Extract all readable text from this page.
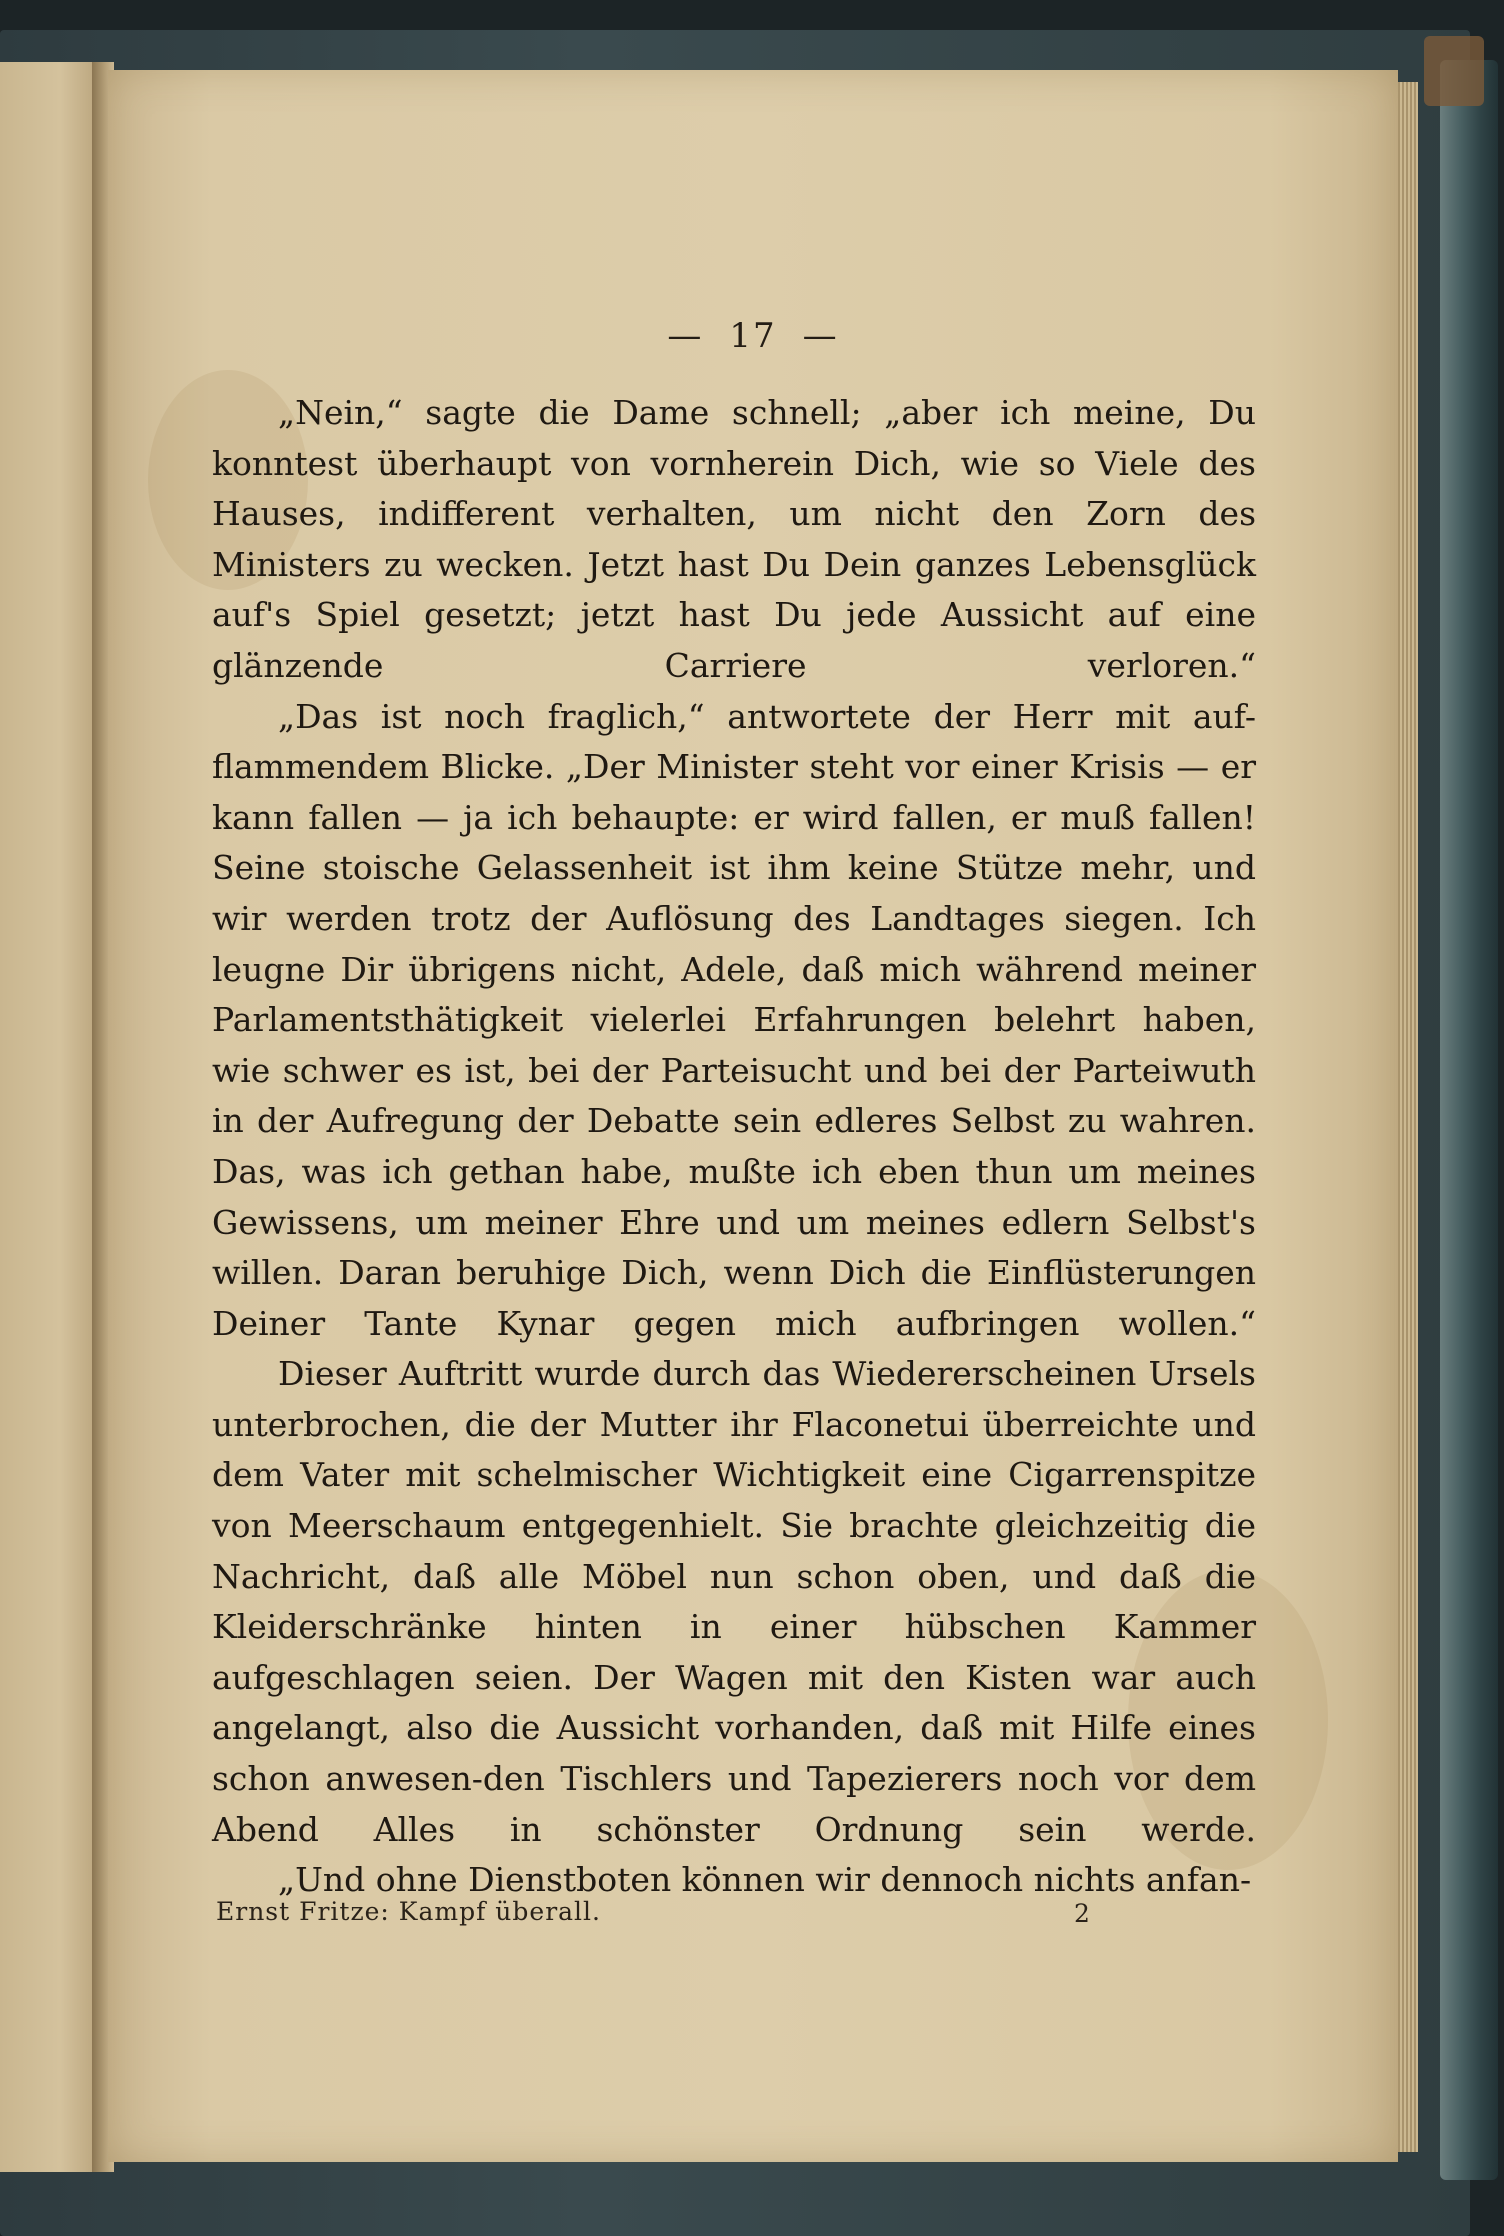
— 17 —

„Nein,“ sagte die Dame schnell; „aber ich meine, Du konntest überhaupt von vornherein Dich, wie so Viele des Hauses, indifferent verhalten, um nicht den Zorn des Ministers zu wecken. Jetzt hast Du Dein ganzes Lebensglück auf's Spiel gesetzt; jetzt hast Du jede Aussicht auf eine glänzende Carriere verloren.“

„Das ist noch fraglich,“ antwortete der Herr mit auf-flammendem Blicke. „Der Minister steht vor einer Krisis — er kann fallen — ja ich behaupte: er wird fallen, er muß fallen! Seine stoische Gelassenheit ist ihm keine Stütze mehr, und wir werden trotz der Auflösung des Landtages siegen. Ich leugne Dir übrigens nicht, Adele, daß mich während meiner Parlamentsthätigkeit vielerlei Erfahrungen belehrt haben, wie schwer es ist, bei der Parteisucht und bei der Parteiwuth in der Aufregung der Debatte sein edleres Selbst zu wahren. Das, was ich gethan habe, mußte ich eben thun um meines Gewissens, um meiner Ehre und um meines edlern Selbst's willen. Daran beruhige Dich, wenn Dich die Einflüsterungen Deiner Tante Kynar gegen mich aufbringen wollen.“

Dieser Auftritt wurde durch das Wiedererscheinen Ursels unterbrochen, die der Mutter ihr Flaconetui überreichte und dem Vater mit schelmischer Wichtigkeit eine Cigarrenspitze von Meerschaum entgegenhielt. Sie brachte gleichzeitig die Nachricht, daß alle Möbel nun schon oben, und daß die Kleiderschränke hinten in einer hübschen Kammer aufgeschlagen seien. Der Wagen mit den Kisten war auch angelangt, also die Aussicht vorhanden, daß mit Hilfe eines schon anwesen-den Tischlers und Tapezierers noch vor dem Abend Alles in schönster Ordnung sein werde.

„Und ohne Dienstboten können wir dennoch nichts anfan-

Ernst Fritze: Kampf überall.	2
